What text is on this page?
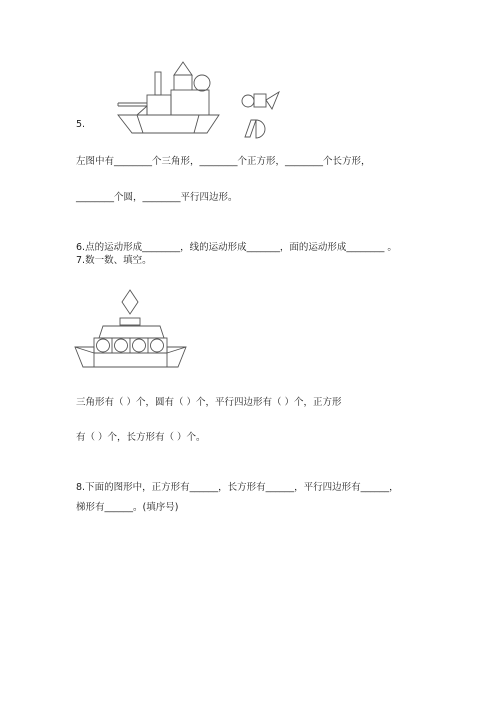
5.
左图中有________个三角形，________个正方形，________个长方形，
________个圆，________平行四边形。
6.点的运动形成________，线的运动形成_______，面的运动形成________ 。
7.数一数、填空。
三角形有（ ）个，圆有（ ）个，平行四边形有（ ）个，正方形
有（ ）个，长方形有（ ）个。
8.下面的图形中，正方形有______，长方形有______，平行四边形有______，
梯形有______。(填序号)
